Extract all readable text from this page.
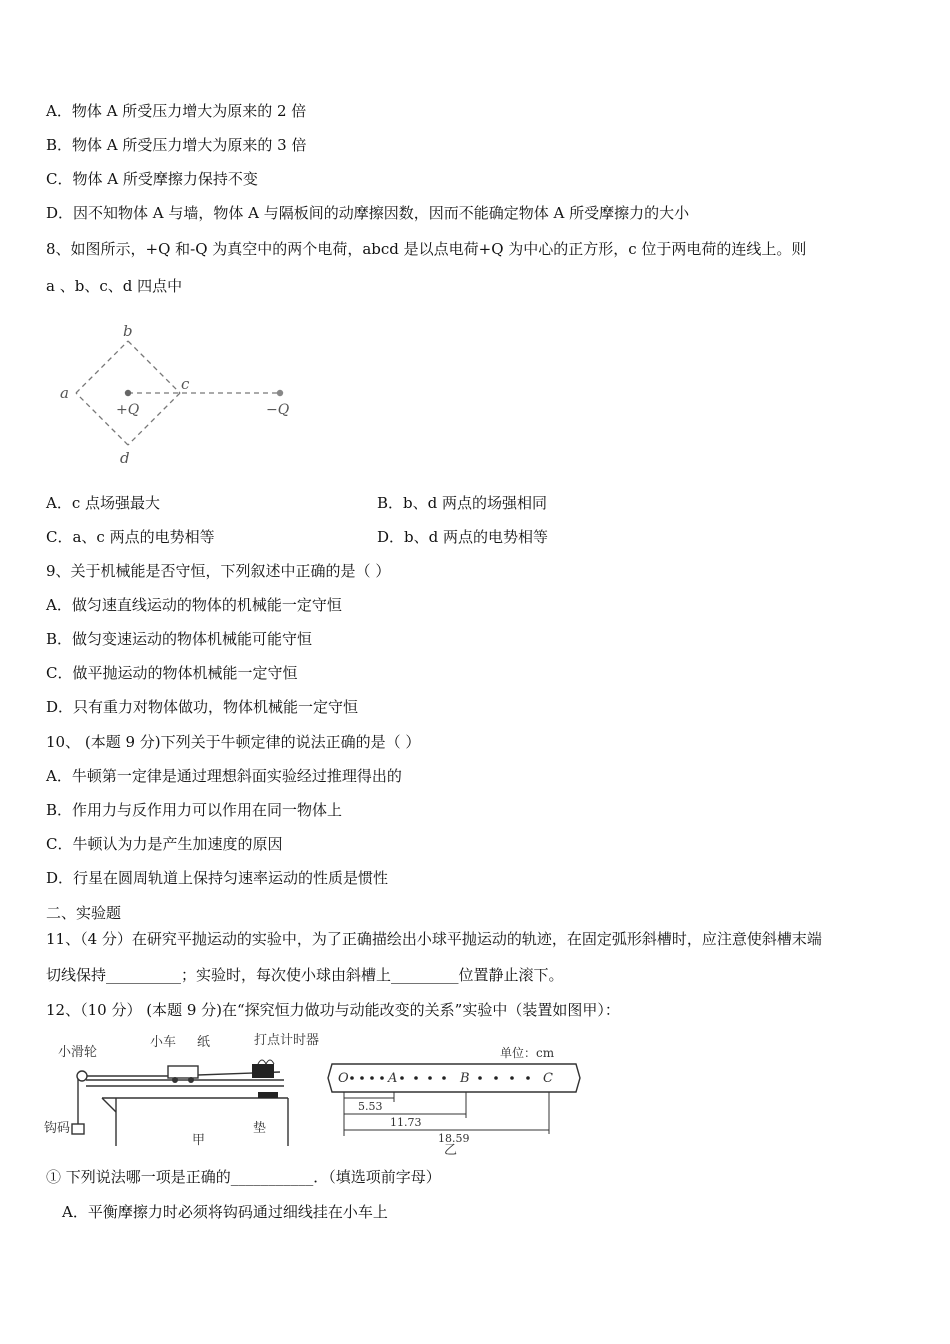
A．物体 A 所受压力增大为原来的 2 倍
B．物体 A 所受压力增大为原来的 3 倍
C．物体 A 所受摩擦力保持不变
D．因不知物体 A 与墙，物体 A 与隔板间的动摩擦因数，因而不能确定物体 A 所受摩擦力的大小
8、如图所示，+Q 和-Q 为真空中的两个电荷，abcd 是以点电荷+Q 为中心的正方形，c 位于两电荷的连线上。则
a 、b、c、d 四点中
a
b
c
d
+Q	−Q
A．c 点场强最大	B．b、d 两点的场强相同
C．a、c 两点的电势相等	D．b、d 两点的电势相等
9、关于机械能是否守恒，下列叙述中正确的是（ ）
A．做匀速直线运动的物体的机械能一定守恒
B．做匀变速运动的物体机械能可能守恒
C．做平抛运动的物体机械能一定守恒
D．只有重力对物体做功，物体机械能一定守恒
10、 (本题 9 分)下列关于牛顿定律的说法正确的是（ ）
A．牛顿第一定律是通过理想斜面实验经过推理得出的
B．作用力与反作用力可以作用在同一物体上
C．牛顿认为力是产生加速度的原因
D．行星在圆周轨道上保持匀速率运动的性质是惯性
二、实验题
11、（4 分）在研究平抛运动的实验中，为了正确描绘出小球平抛运动的轨迹，在固定弧形斜槽时，应注意使斜槽末端
切线保持__________；实验时，每次使小球由斜槽上_________位置静止滚下。
12、（10 分） (本题 9 分)在“探究恒力做功与动能改变的关系”实验中（装置如图甲）：
小滑轮
小车 纸	打点计时器
钩码	垫
甲
单位：cm
O	A	B	C
5.53
11.73
18.59
乙
① 下列说法哪一项是正确的___________．（填选项前字母）
A．平衡摩擦力时必须将钩码通过细线挂在小车上
